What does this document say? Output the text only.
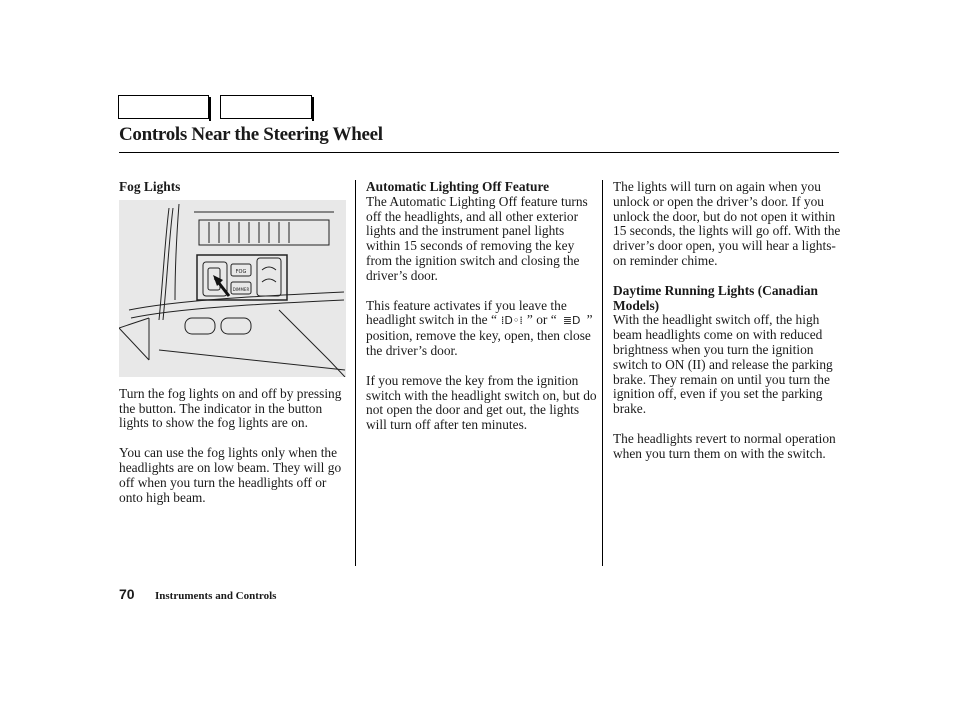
Controls Near the Steering Wheel
Fog Lights
FOG
DIMMER

Turn the fog lights on and off by pressing the button. The indicator in the button lights to show the fog lights are on.

You can use the fog lights only when the headlights are on low beam. They will go off when you turn the headlights off or onto high beam.

Automatic Lighting Off Feature

The Automatic Lighting Off feature turns off the headlights, and all other exterior lights and the instrument panel lights within 15 seconds of removing the key from the ignition switch and closing the driver’s door.

This feature activates if you leave the headlight switch in the “ ⁞D◦⁞ ” or “ ≣D ” position, remove the key, open, then close the driver’s door.

If you remove the key from the ignition switch with the headlight switch on, but do not open the door and get out, the lights will turn off after ten minutes.

The lights will turn on again when you unlock or open the driver’s door. If you unlock the door, but do not open it within 15 seconds, the lights will go off. With the driver’s door open, you will hear a lights-on reminder chime.

Daytime Running Lights (Canadian Models)

With the headlight switch off, the high beam headlights come on with reduced brightness when you turn the ignition switch to ON (II) and release the parking brake. They remain on until you turn the ignition off, even if you set the parking brake.

The headlights revert to normal operation when you turn them on with the switch.

70 Instruments and Controls
